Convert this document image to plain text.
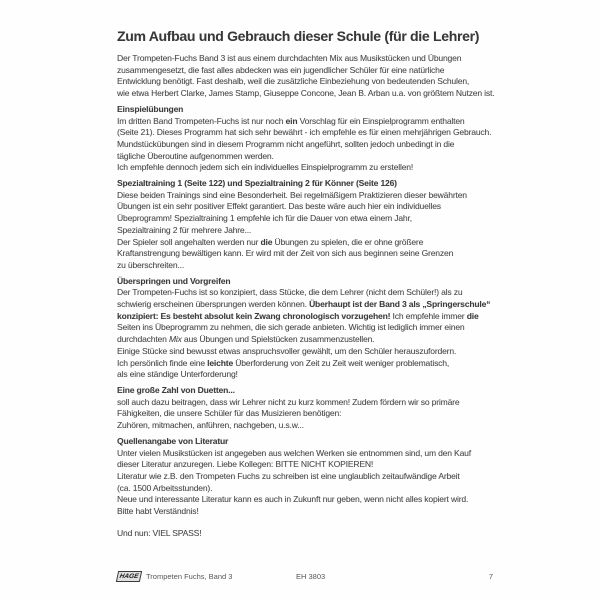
Zum Aufbau und Gebrauch dieser Schule (für die Lehrer)
Der Trompeten-Fuchs Band 3 ist aus einem durchdachten Mix aus Musikstücken und Übungen
zusammengesetzt, die fast alles abdecken was ein jugendlicher Schüler für eine natürliche
Entwicklung benötigt. Fast deshalb, weil die zusätzliche Einbeziehung von bedeutenden Schulen,
wie etwa Herbert Clarke, James Stamp, Giuseppe Concone, Jean B. Arban u.a. von größtem Nutzen ist.
Einspielübungen
Im dritten Band Trompeten-Fuchs ist nur noch ein Vorschlag für ein Einspielprogramm enthalten
(Seite 21). Dieses Programm hat sich sehr bewährt - ich empfehle es für einen mehrjährigen Gebrauch.
Mundstückübungen sind in diesem Programm nicht angeführt, sollten jedoch unbedingt in die
tägliche Überoutine aufgenommen werden.
Ich empfehle dennoch jedem sich ein individuelles Einspielprogramm zu erstellen!
Spezialtraining 1 (Seite 122) und Spezialtraining 2 für Könner (Seite 126)
Diese beiden Trainings sind eine Besonderheit. Bei regelmäßigem Praktizieren dieser bewährten
Übungen ist ein sehr positiver Effekt garantiert. Das beste wäre auch hier ein individuelles
Übeprogramm! Spezialtraining 1 empfehle ich für die Dauer von etwa einem Jahr,
Spezialtraining 2 für mehrere Jahre...
Der Spieler soll angehalten werden nur die Übungen zu spielen, die er ohne größere
Kraftanstrengung bewältigen kann. Er wird mit der Zeit von sich aus beginnen seine Grenzen
zu überschreiten...
Überspringen und Vorgreifen
Der Trompeten-Fuchs ist so konzipiert, dass Stücke, die dem Lehrer (nicht dem Schüler!) als zu
schwierig erscheinen übersprungen werden können. Überhaupt ist der Band 3 als „Springerschule“
konzipiert: Es besteht absolut kein Zwang chronologisch vorzugehen! Ich empfehle immer die
Seiten ins Übeprogramm zu nehmen, die sich gerade anbieten. Wichtig ist lediglich immer einen
durchdachten Mix aus Übungen und Spielstücken zusammenzustellen.
Einige Stücke sind bewusst etwas anspruchsvoller gewählt, um den Schüler herauszufordern.
Ich persönlich finde eine leichte Überforderung von Zeit zu Zeit weit weniger problematisch,
als eine ständige Unterforderung!
Eine große Zahl von Duetten...
soll auch dazu beitragen, dass wir Lehrer nicht zu kurz kommen! Zudem fördern wir so primäre
Fähigkeiten, die unsere Schüler für das Musizieren benötigen:
Zuhören, mitmachen, anführen, nachgeben, u.s.w...
Quellenangabe von Literatur
Unter vielen Musikstücken ist angegeben aus welchen Werken sie entnommen sind, um den Kauf
dieser Literatur anzuregen. Liebe Kollegen: BITTE NICHT KOPIEREN!
Literatur wie z.B. den Trompeten Fuchs zu schreiben ist eine unglaublich zeitaufwändige Arbeit
(ca. 1500 Arbeitsstunden).
Neue und interessante Literatur kann es auch in Zukunft nur geben, wenn nicht alles kopiert wird.
Bitte habt Verständnis!
Und nun: VIEL SPASS!
HAGE Trompeten Fuchs, Band 3	EH 3803	7
